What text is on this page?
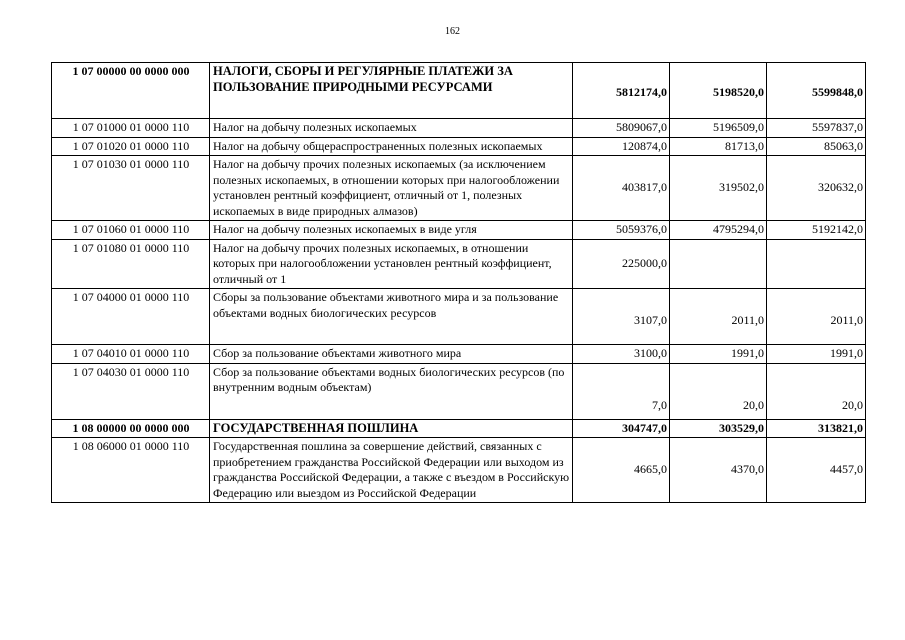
162
1 07 00000 00 0000 000	НАЛОГИ, СБОРЫ И РЕГУЛЯРНЫЕ ПЛАТЕЖИ ЗА ПОЛЬЗОВАНИЕ ПРИРОДНЫМИ РЕСУРСАМИ	5812174,0	5198520,0	5599848,0
1 07 01000 01 0000 110	Налог на добычу полезных ископаемых	5809067,0	5196509,0	5597837,0
1 07 01020 01 0000 110	Налог на добычу общераспространенных полезных ископаемых	120874,0	81713,0	85063,0
1 07 01030 01 0000 110	Налог на добычу прочих полезных ископаемых (за исключением полезных ископаемых, в отношении которых при налогообложении установлен рентный коэффициент, отличный от 1, полезных ископаемых в виде природных алмазов)	403817,0	319502,0	320632,0
1 07 01060 01 0000 110	Налог на добычу полезных ископаемых в виде угля	5059376,0	4795294,0	5192142,0
1 07 01080 01 0000 110	Налог на добычу прочих полезных ископаемых, в отношении которых при налогообложении установлен рентный коэффициент, отличный от 1	225000,0		
1 07 04000 01 0000 110	Сборы за пользование объектами животного мира и за пользование объектами водных биологических ресурсов	3107,0	2011,0	2011,0
1 07 04010 01 0000 110	Сбор за пользование объектами животного мира	3100,0	1991,0	1991,0
1 07 04030 01 0000 110	Сбор за пользование объектами водных биологических ресурсов (по внутренним водным объектам)	7,0	20,0	20,0
1 08 00000 00 0000 000	ГОСУДАРСТВЕННАЯ ПОШЛИНА	304747,0	303529,0	313821,0
1 08 06000 01 0000 110	Государственная пошлина за совершение действий, связанных с приобретением гражданства Российской Федерации или выходом из гражданства Российской Федерации, а также с въездом в Российскую Федерацию или выездом из Российской Федерации	4665,0	4370,0	4457,0
